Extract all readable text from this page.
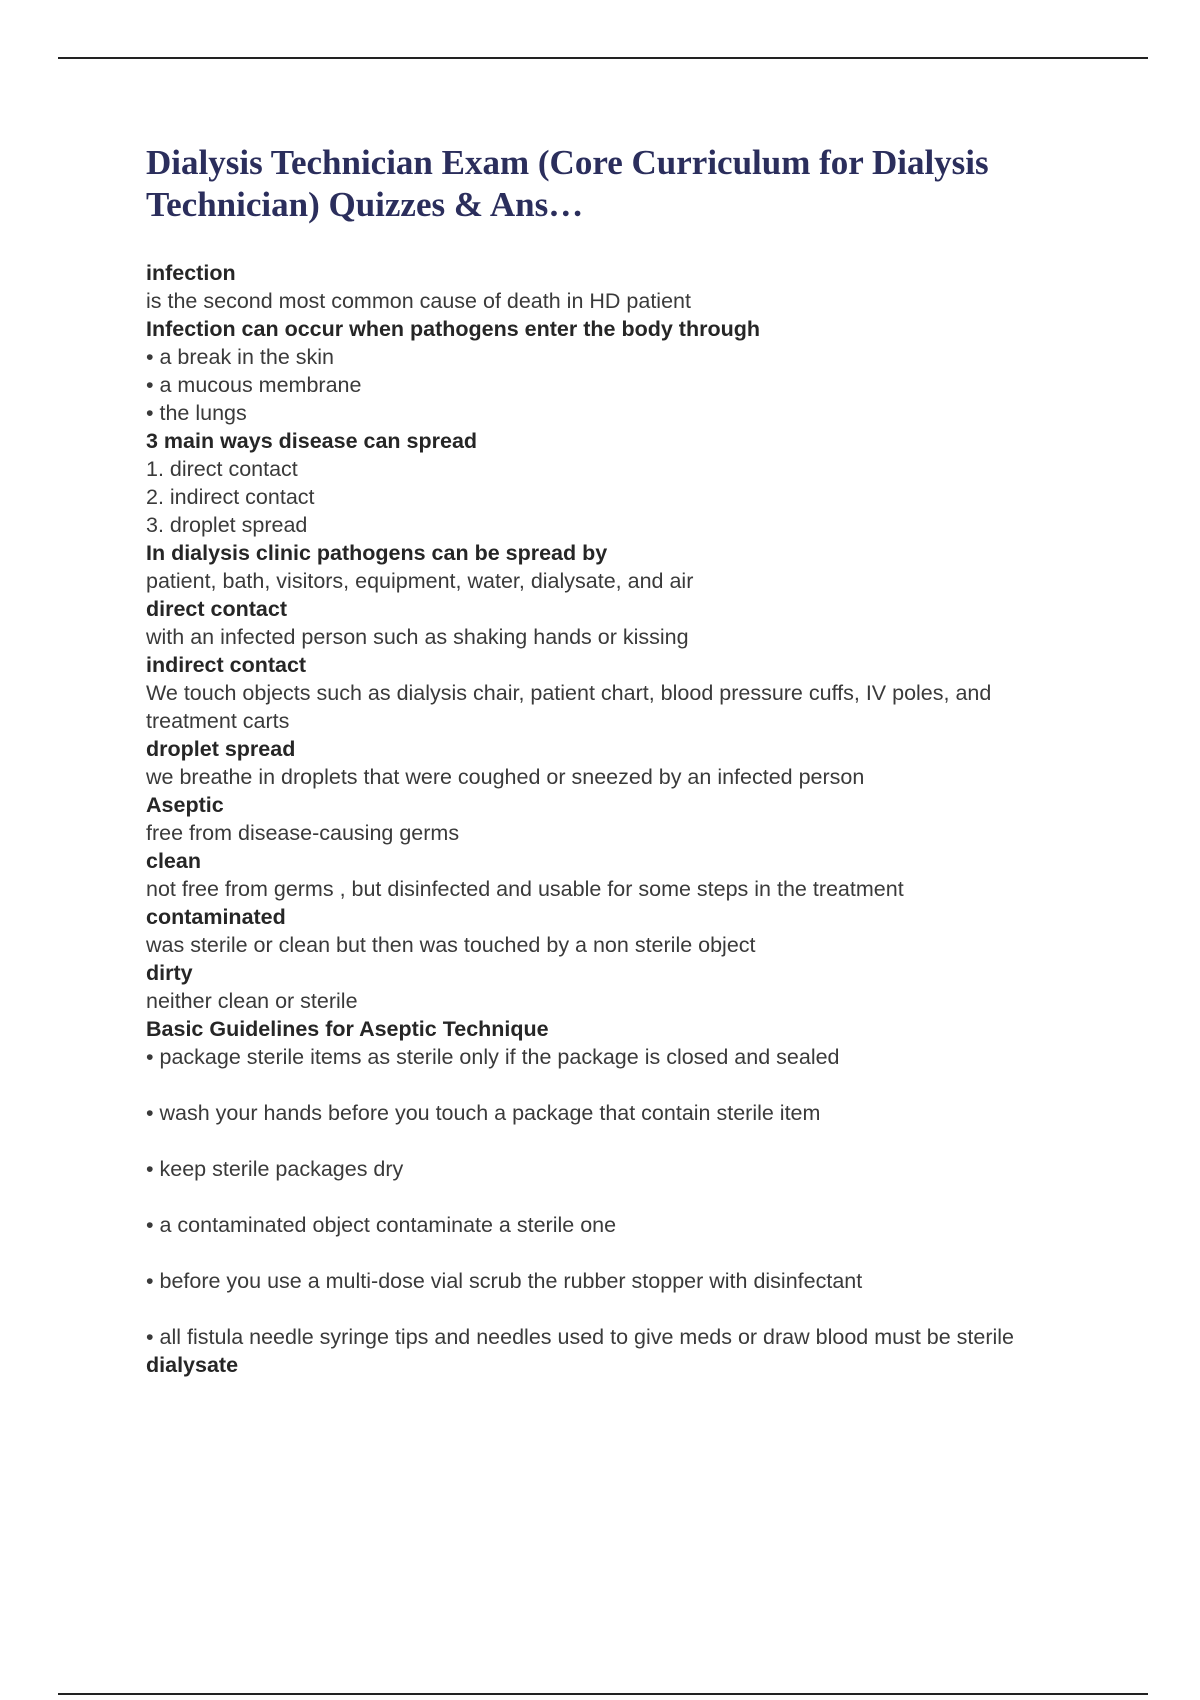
Dialysis Technician Exam (Core Curriculum for Dialysis Technician) Quizzes & Ans…
infection
is the second most common cause of death in HD patient
Infection can occur when pathogens enter the body through
• a break in the skin
• a mucous membrane
• the lungs
3 main ways disease can spread
1. direct contact
2. indirect contact
3. droplet spread
In dialysis clinic pathogens can be spread by
patient, bath, visitors, equipment, water, dialysate, and air
direct contact
with an infected person such as shaking hands or kissing
indirect contact
We touch objects such as dialysis chair, patient chart, blood pressure cuffs, IV poles, and treatment carts
droplet spread
we breathe in droplets that were coughed or sneezed by an infected person
Aseptic
free from disease-causing germs
clean
not free from germs , but disinfected and usable for some steps in the treatment
contaminated
was sterile or clean but then was touched by a non sterile object
dirty
neither clean or sterile
Basic Guidelines for Aseptic Technique
• package sterile items as sterile only if the package is closed and sealed
• wash your hands before you touch a package that contain sterile item
• keep sterile packages dry
• a contaminated object contaminate a sterile one
• before you use a multi-dose vial scrub the rubber stopper with disinfectant
• all fistula needle syringe tips and needles used to give meds or draw blood must be sterile
dialysate
